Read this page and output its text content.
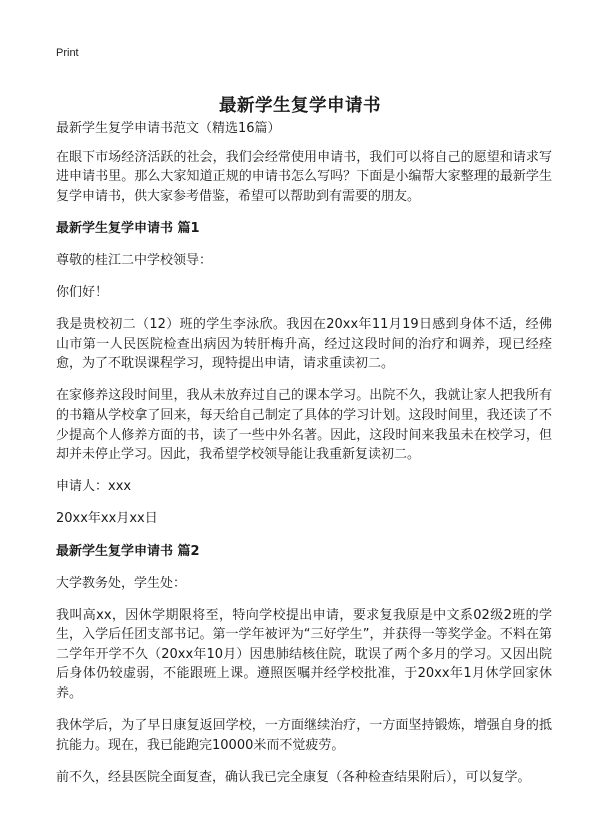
Print
最新学生复学申请书

最新学生复学申请书范文（精选16篇）

在眼下市场经济活跃的社会，我们会经常使用申请书，我们可以将自己的愿望和请求写进申请书里。那么大家知道正规的申请书怎么写吗？下面是小编帮大家整理的最新学生复学申请书，供大家参考借鉴，希望可以帮助到有需要的朋友。

最新学生复学申请书 篇1

尊敬的桂江二中学校领导：

你们好！

我是贵校初二（12）班的学生李泳欣。我因在20xx年11月19日感到身体不适，经佛山市第一人民医院检查出病因为转肝梅升高，经过这段时间的治疗和调养，现已经痊愈，为了不耽误课程学习，现特提出申请，请求重读初二。

在家修养这段时间里，我从未放弃过自己的课本学习。出院不久，我就让家人把我所有的书籍从学校拿了回来，每天给自己制定了具体的学习计划。这段时间里，我还读了不少提高个人修养方面的书，读了一些中外名著。因此，这段时间来我虽未在校学习，但却并未停止学习。因此，我希望学校领导能让我重新复读初二。

申请人：xxx

20xx年xx月xx日

最新学生复学申请书 篇2

大学教务处，学生处：

我叫高xx，因休学期限将至，特向学校提出申请，要求复我原是中文系02级2班的学生，入学后任团支部书记。第一学年被评为“三好学生”，并获得一等奖学金。不料在第二学年开学不久（20xx年10月）因患肺结核住院，耽误了两个多月的学习。又因出院后身体仍较虚弱，不能跟班上课。遵照医嘱并经学校批准，于20xx年1月休学回家休养。

我休学后，为了早日康复返回学校，一方面继续治疗，一方面坚持锻炼，增强自身的抵抗能力。现在，我已能跑完10000米而不觉疲劳。

前不久，经县医院全面复查，确认我已完全康复（各种检查结果附后），可以复学。
